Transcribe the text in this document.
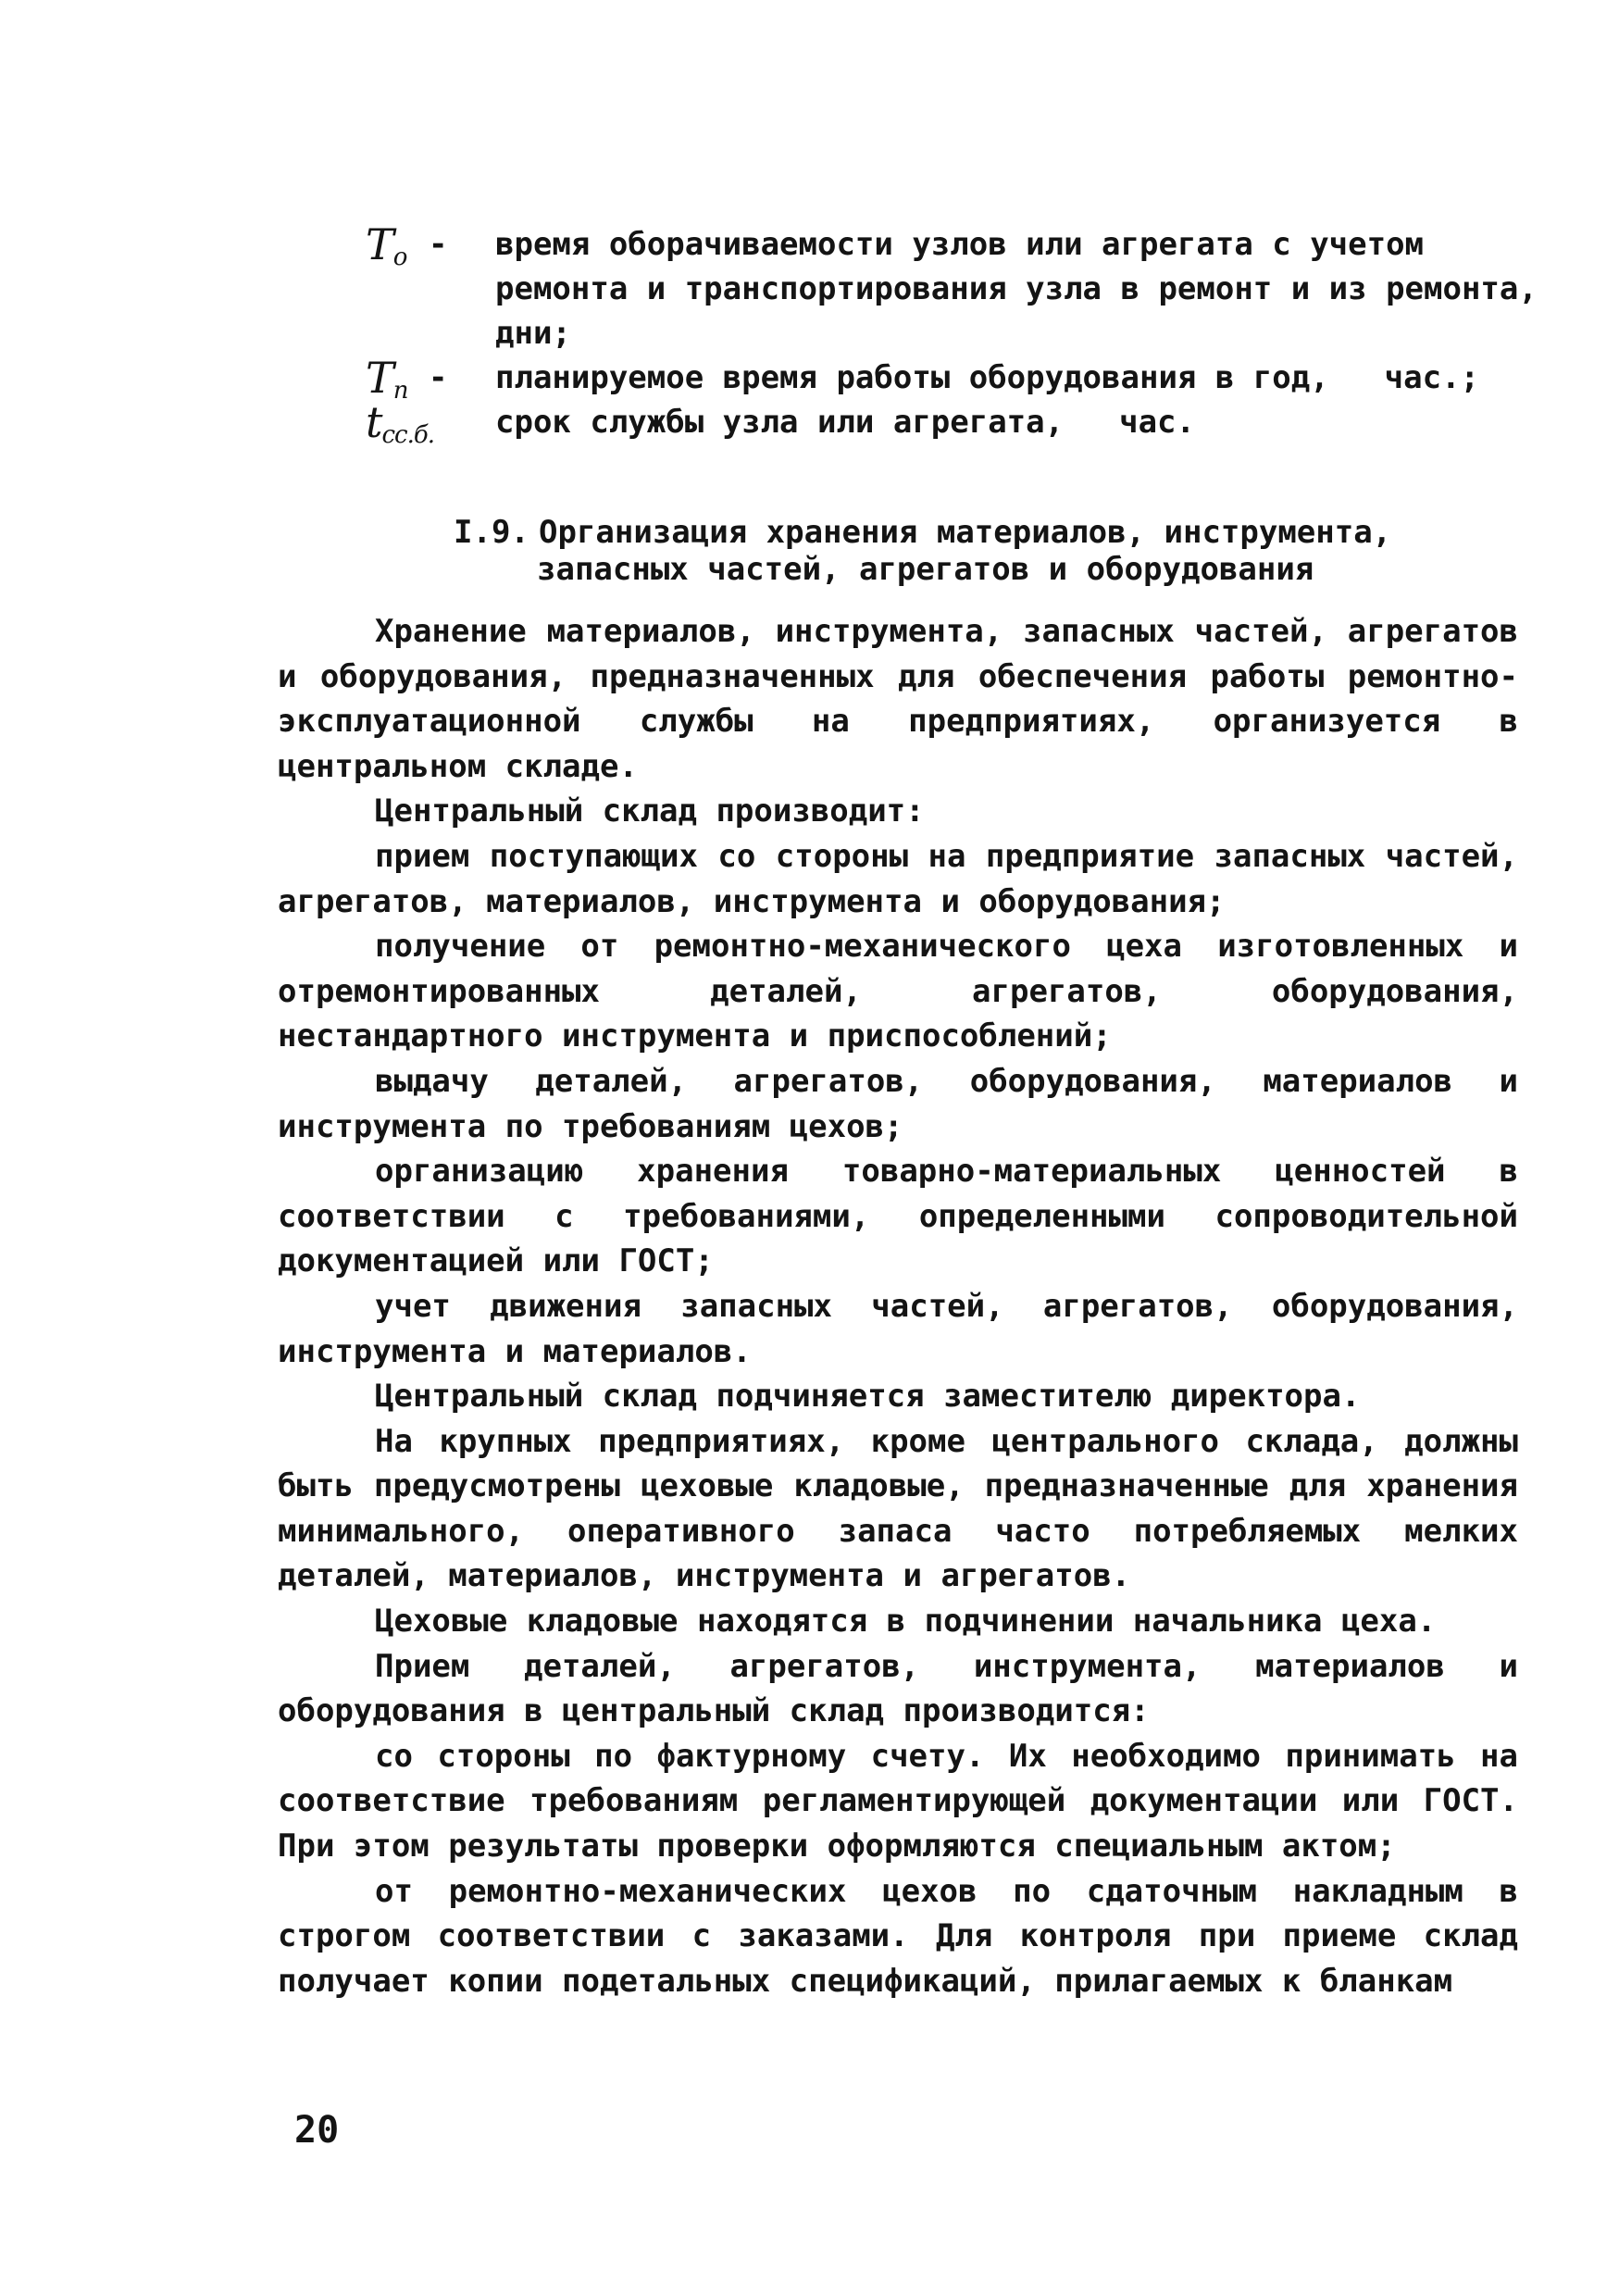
$T_o$ - время оборачиваемости узлов или агрегата с учетом ремонта и транспортирования узла в ремонт и из ремонта, дни;
$T_п$ - планируемое время работы оборудования в год, час.;
$t_{сс.б.}$	срок службы узла или агрегата, час.
I.9. Организация хранения материалов, инструмента,
запасных частей, агрегатов и оборудования

Хранение материалов, инструмента, запасных частей, агрегатов и оборудования, предназначенных для обеспечения работы ремонтно-эксплуатационной службы на предприятиях, организуется в центральном складе.

Центральный склад производит:

прием поступающих со стороны на предприятие запасных частей, агрегатов, материалов, инструмента и оборудования;

получение от ремонтно-механического цеха изготовленных и отремонтированных деталей, агрегатов, оборудования, нестандартного инструмента и приспособлений;

выдачу деталей, агрегатов, оборудования, материалов и инструмента по требованиям цехов;

организацию хранения товарно-материальных ценностей в соответствии с требованиями, определенными сопроводительной документацией или ГОСТ;

учет движения запасных частей, агрегатов, оборудования, инструмента и материалов.

Центральный склад подчиняется заместителю директора.

На крупных предприятиях, кроме центрального склада, должны быть предусмотрены цеховые кладовые, предназначенные для хранения минимального, оперативного запаса часто потребляемых мелких деталей, материалов, инструмента и агрегатов.

Цеховые кладовые находятся в подчинении начальника цеха.

Прием деталей, агрегатов, инструмента, материалов и оборудования в центральный склад производится:

со стороны по фактурному счету. Их необходимо принимать на соответствие требованиям регламентирующей документации или ГОСТ. При этом результаты проверки оформляются специальным актом;

от ремонтно-механических цехов по сдаточным накладным в строгом соответствии с заказами. Для контроля при приеме склад получает копии подетальных спецификаций, прилагаемых к бланкам

20
